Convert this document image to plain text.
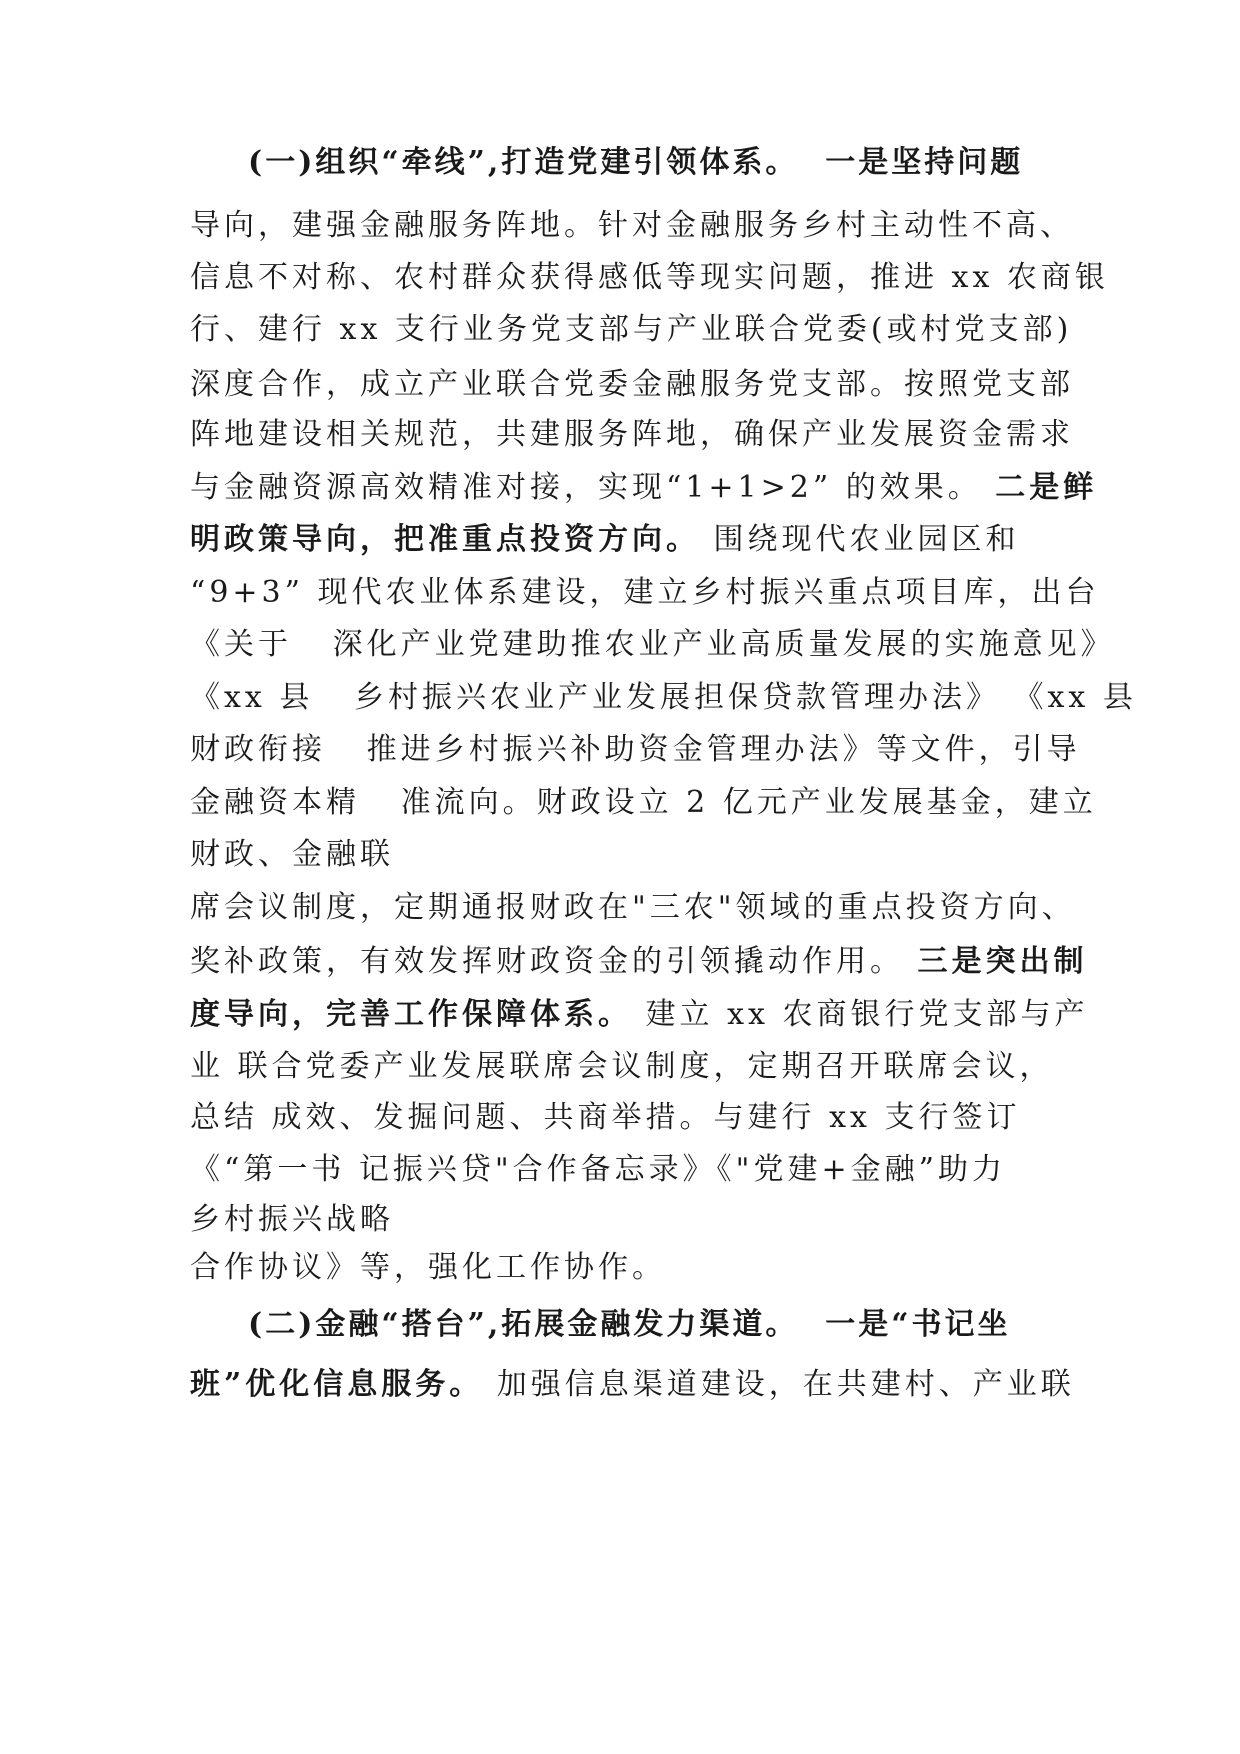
(一)组织“牵线”,打造党建引领体系。  一是坚持问题
导向，建强金融服务阵地。针对金融服务乡村主动性不高、
信息不对称、农村群众获得感低等现实问题，推进 xx 农商银
行、建行 xx 支行业务党支部与产业联合党委(或村党支部)
深度合作，成立产业联合党委金融服务党支部。按照党支部
阵地建设相关规范，共建服务阵地，确保产业发展资金需求
与金融资源高效精准对接，实现“1+1>2” 的效果。 二是鲜
明政策导向，把准重点投资方向。 围绕现代农业园区和
“9+3” 现代农业体系建设，建立乡村振兴重点项目库，出台
《关于   深化产业党建助推农业产业高质量发展的实施意见》
《xx 县   乡村振兴农业产业发展担保贷款管理办法》 《xx 县
财政衔接   推进乡村振兴补助资金管理办法》等文件，引导
金融资本精   准流向。财政设立 2 亿元产业发展基金，建立
财政、金融联
席会议制度，定期通报财政在"三农"领域的重点投资方向、
奖补政策，有效发挥财政资金的引领撬动作用。 三是突出制
度导向，完善工作保障体系。 建立 xx 农商银行党支部与产
业 联合党委产业发展联席会议制度，定期召开联席会议，
总结 成效、发掘问题、共商举措。与建行 xx 支行签订
《“第一书 记振兴贷"合作备忘录》《"党建+金融”助力
乡村振兴战略
合作协议》等，强化工作协作。
(二)金融“搭台”,拓展金融发力渠道。  一是“书记坐
班”优化信息服务。 加强信息渠道建设，在共建村、产业联
